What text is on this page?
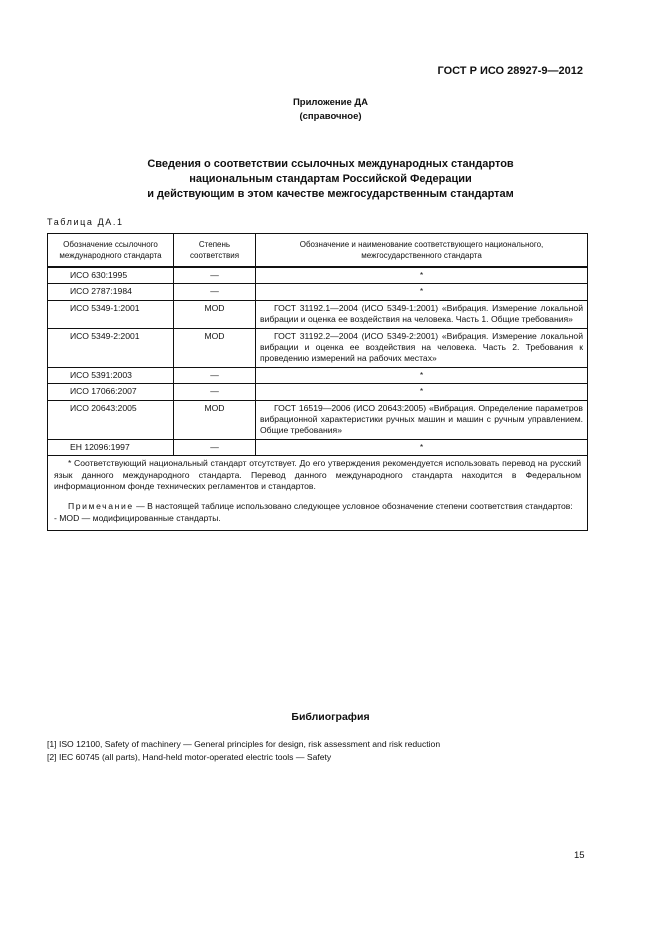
ГОСТ Р ИСО 28927-9—2012
Приложение ДА
(справочное)
Сведения о соответствии ссылочных международных стандартов
национальным стандартам Российской Федерации
и действующим в этом качестве межгосударственным стандартам
Таблица ДА.1
Обозначение ссылочного международного стандарта	Степень соответствия	Обозначение и наименование соответствующего национального, межгосударственного стандарта
ИСО 630:1995	—	*
ИСО 2787:1984	—	*
ИСО 5349-1:2001	MOD	ГОСТ 31192.1—2004 (ИСО 5349-1:2001) «Вибрация. Измерение локальной вибрации и оценка ее воздействия на человека. Часть 1. Общие требования»
ИСО 5349-2:2001	MOD	ГОСТ 31192.2—2004 (ИСО 5349-2:2001) «Вибрация. Измерение локальной вибрации и оценка ее воздействия на человека. Часть 2. Требования к проведению измерений на рабочих местах»
ИСО 5391:2003	—	*
ИСО 17066:2007	—	*
ИСО 20643:2005	MOD	ГОСТ 16519—2006 (ИСО 20643:2005) «Вибрация. Определение параметров вибрационной характеристики ручных машин и машин с ручным управлением. Общие требования»
ЕН 12096:1997	—	*

* Соответствующий национальный стандарт отсутствует. До его утверждения рекомендуется использовать перевод на русский язык данного международного стандарта. Перевод данного международного стандарта находится в Федеральном информационном фонде технических регламентов и стандартов.
Примечание — В настоящей таблице использовано следующее условное обозначение степени соответствия стандартов:
- MOD — модифицированные стандарты.		
Библиография
[1] ISO 12100, Safety of machinery — General principles for design, risk assessment and risk reduction
[2] IEC 60745 (all parts), Hand-held motor-operated electric tools — Safety
15
